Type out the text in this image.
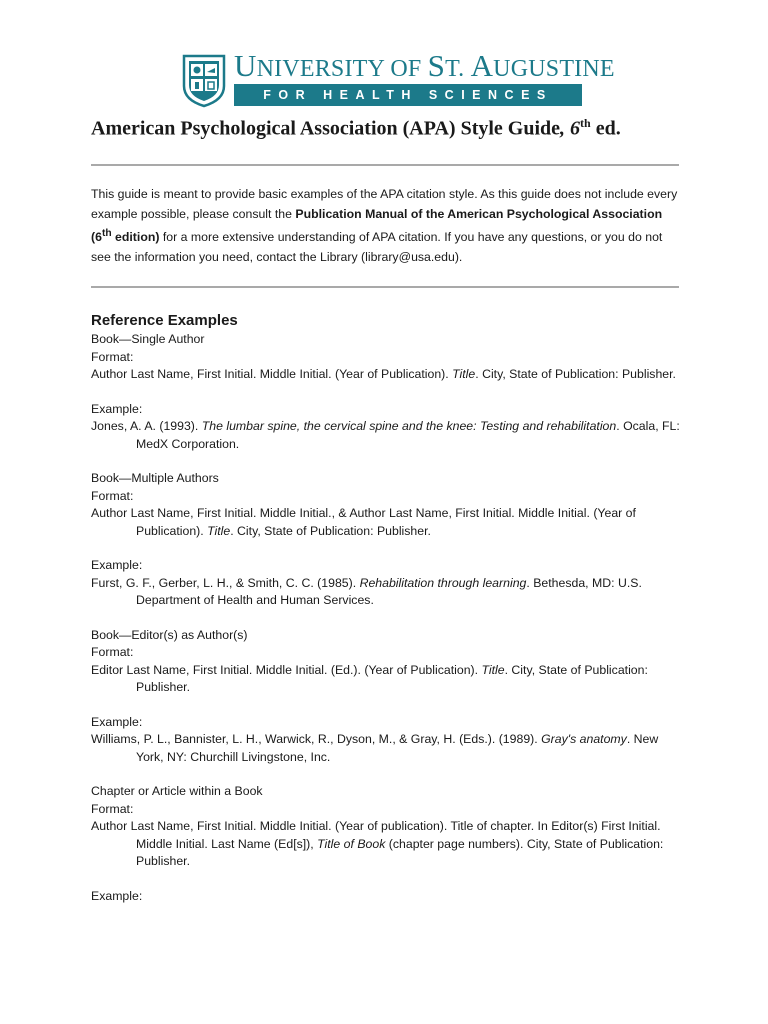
UNIVERSITY OF ST. AUGUSTINE
FOR HEALTH SCIENCES
American Psychological Association (APA) Style Guide, 6th ed.
This guide is meant to provide basic examples of the APA citation style. As this guide does not include every example possible, please consult the Publication Manual of the American Psychological Association (6th edition) for a more extensive understanding of APA citation. If you have any questions, or you do not see the information you need, contact the Library (library@usa.edu).
Reference Examples
Book—Single Author
Format:
Author Last Name, First Initial. Middle Initial. (Year of Publication). Title. City, State of Publication: Publisher.
Example:
Jones, A. A. (1993). The lumbar spine, the cervical spine and the knee: Testing and rehabilitation. Ocala, FL: MedX Corporation.
Book—Multiple Authors
Format:
Author Last Name, First Initial. Middle Initial., & Author Last Name, First Initial. Middle Initial. (Year of Publication). Title. City, State of Publication: Publisher.
Example:
Furst, G. F., Gerber, L. H., & Smith, C. C. (1985). Rehabilitation through learning. Bethesda, MD: U.S. Department of Health and Human Services.
Book—Editor(s) as Author(s)
Format:
Editor Last Name, First Initial. Middle Initial. (Ed.). (Year of Publication). Title. City, State of Publication: Publisher.
Example:
Williams, P. L., Bannister, L. H., Warwick, R., Dyson, M., & Gray, H. (Eds.). (1989). Gray's anatomy. New York, NY: Churchill Livingstone, Inc.
Chapter or Article within a Book
Format:
Author Last Name, First Initial. Middle Initial. (Year of publication). Title of chapter. In Editor(s) First Initial. Middle Initial. Last Name (Ed[s]), Title of Book (chapter page numbers). City, State of Publication: Publisher.
Example:
